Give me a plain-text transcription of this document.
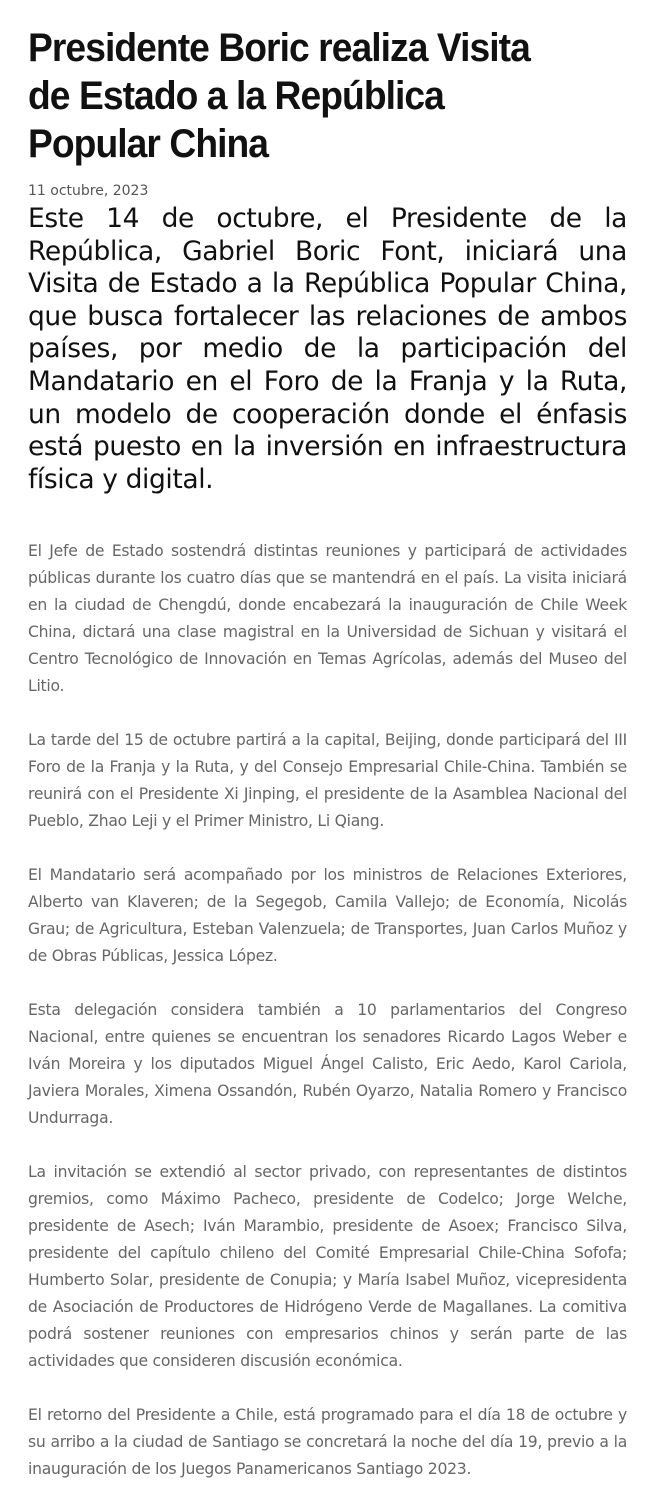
Presidente Boric realiza Visita
de Estado a la República
Popular China
11 octubre, 2023
Este 14 de octubre, el Presidente de la República, Gabriel Boric Font, iniciará una Visita de Estado a la República Popular China, que busca fortalecer las relaciones de ambos países, por medio de la participación del Mandatario en el Foro de la Franja y la Ruta, un modelo de cooperación donde el énfasis está puesto en la inversión en infraestructura física y digital.

El Jefe de Estado sostendrá distintas reuniones y participará de actividades públicas durante los cuatro días que se mantendrá en el país. La visita iniciará en la ciudad de Chengdú, donde encabezará la inauguración de Chile Week China, dictará una clase magistral en la Universidad de Sichuan y visitará el Centro Tecnológico de Innovación en Temas Agrícolas, además del Museo del Litio.

La tarde del 15 de octubre partirá a la capital, Beijing, donde participará del III Foro de la Franja y la Ruta, y del Consejo Empresarial Chile-China. También se reunirá con el Presidente Xi Jinping, el presidente de la Asamblea Nacional del Pueblo, Zhao Leji y el Primer Ministro, Li Qiang.

El Mandatario será acompañado por los ministros de Relaciones Exteriores, Alberto van Klaveren; de la Segegob, Camila Vallejo; de Economía, Nicolás Grau; de Agricultura, Esteban Valenzuela; de Transportes, Juan Carlos Muñoz y de Obras Públicas, Jessica López.

Esta delegación considera también a 10 parlamentarios del Congreso Nacional, entre quienes se encuentran los senadores Ricardo Lagos Weber e Iván Moreira y los diputados Miguel Ángel Calisto, Eric Aedo, Karol Cariola, Javiera Morales, Ximena Ossandón, Rubén Oyarzo, Natalia Romero y Francisco Undurraga.

La invitación se extendió al sector privado, con representantes de distintos gremios, como Máximo Pacheco, presidente de Codelco; Jorge Welche, presidente de Asech; Iván Marambio, presidente de Asoex; Francisco Silva, presidente del capítulo chileno del Comité Empresarial Chile-China Sofofa; Humberto Solar, presidente de Conupia; y María Isabel Muñoz, vicepresidenta de Asociación de Productores de Hidrógeno Verde de Magallanes. La comitiva podrá sostener reuniones con empresarios chinos y serán parte de las actividades que consideren discusión económica.

El retorno del Presidente a Chile, está programado para el día 18 de octubre y su arribo a la ciudad de Santiago se concretará la noche del día 19, previo a la inauguración de los Juegos Panamericanos Santiago 2023.
